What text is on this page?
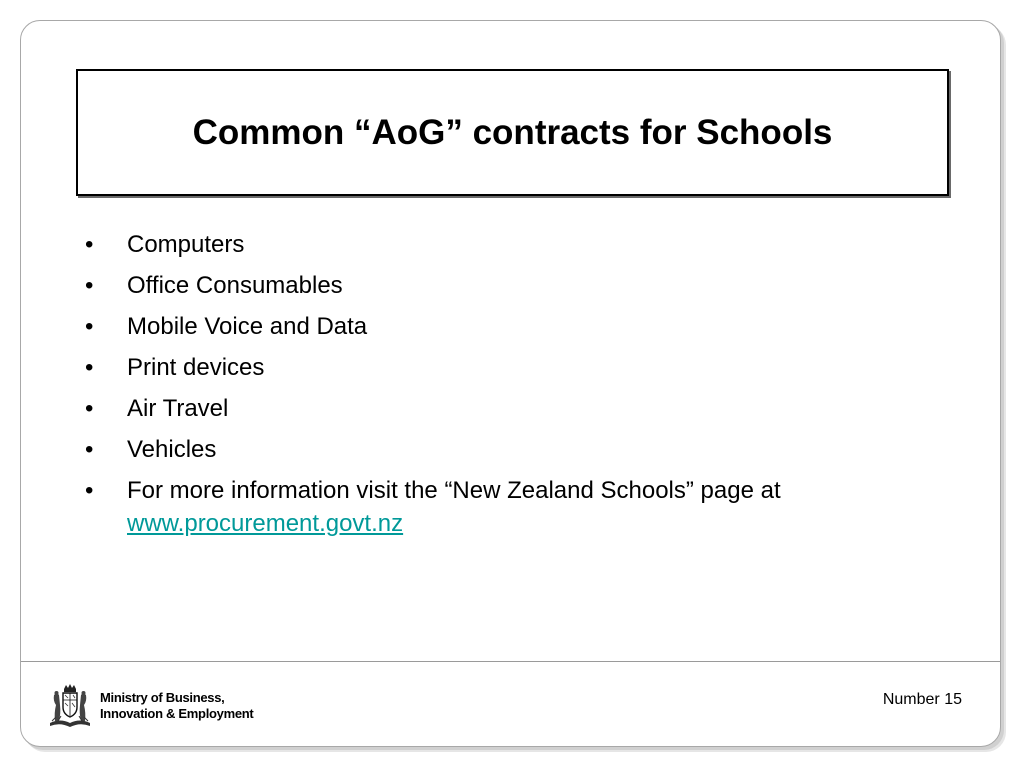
Common “AoG” contracts for Schools
• Computers
• Office Consumables
• Mobile Voice and Data
• Print devices
• Air Travel
• Vehicles
• For more information visit the “New Zealand Schools” page at
www.procurement.govt.nz
Ministry of Business,
Innovation & Employment
Number 15
